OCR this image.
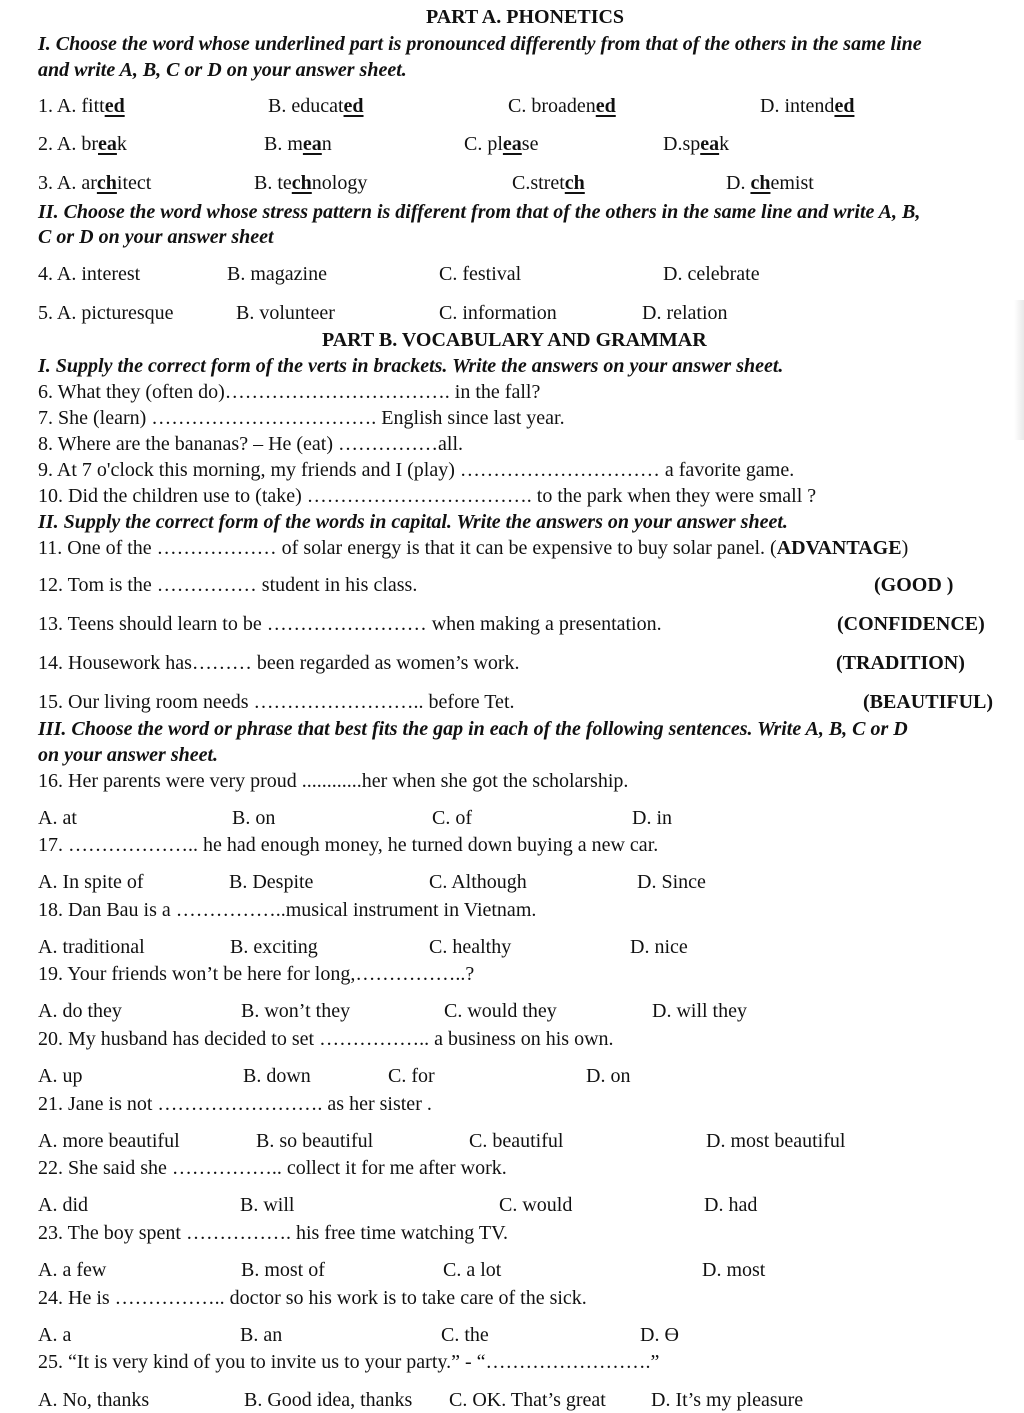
PART A. PHONETICS
I. Choose the word whose underlined part is pronounced differently from that of the others in the same line
and write A, B, C or D on your answer sheet.
1. A. fitted	B. educated	C. broadened	D. intended
2. A. break	B. mean	C. please	D.speak
3. A. architect	B. technology	C.stretch	D. chemist
II. Choose the word whose stress pattern is different from that of the others in the same line and write A, B,
C or D on your answer sheet
4. A. interest	B. magazine	C. festival	D. celebrate
5. A. picturesque	B. volunteer	C. information	D. relation
PART B. VOCABULARY AND GRAMMAR
I. Supply the correct form of the verts in brackets. Write the answers on your answer sheet.
6. What they (often do)……………………………. in the fall?
7. She (learn) ……………………………. English since last year.
8. Where are the bananas? – He (eat) ……………all.
9. At 7 o'clock this morning, my friends and I (play) ………………………… a favorite game.
10. Did the children use to (take) ……………………………. to the park when they were small ?
II. Supply the correct form of the words in capital. Write the answers on your answer sheet.
11. One of the ……………… of solar energy is that it can be expensive to buy solar panel. (ADVANTAGE)
12. Tom is the …………… student in his class.	(GOOD )
13. Teens should learn to be …………………… when making a presentation.	(CONFIDENCE)
14. Housework has……… been regarded as women’s work.	(TRADITION)
15. Our living room needs …………………….. before Tet.	(BEAUTIFUL)
III. Choose the word or phrase that best fits the gap in each of the following sentences. Write A, B, C or D
on your answer sheet.
16. Her parents were very proud ............her when she got the scholarship.
A. at	B. on	C. of	D. in
17. ……………….. he had enough money, he turned down buying a new car.
A. In spite of	B. Despite	C. Although	D. Since
18. Dan Bau is a ……………..musical instrument in Vietnam.
A. traditional	B. exciting	C. healthy	D. nice
19. Your friends won’t be here for long,……………..?
A. do they	B. won’t they	C. would they	D. will they
20. My husband has decided to set …………….. a business on his own.
A. up	B. down	C. for	D. on
21. Jane is not ……………………. as her sister .
A. more beautiful	B. so beautiful	C. beautiful	D. most beautiful
22. She said she …………….. collect it for me after work.
A. did	B. will	C. would	D. had
23. The boy spent ……………. his free time watching TV.
A. a few	B. most of	C. a lot	D. most
24. He is …………….. doctor so his work is to take care of the sick.
A. a	B. an	C. the	D. Ө
25. “It is very kind of you to invite us to your party.” - “…………………….”
A. No, thanks	B. Good idea, thanks C. OK. That’s great D. It’s my pleasure
